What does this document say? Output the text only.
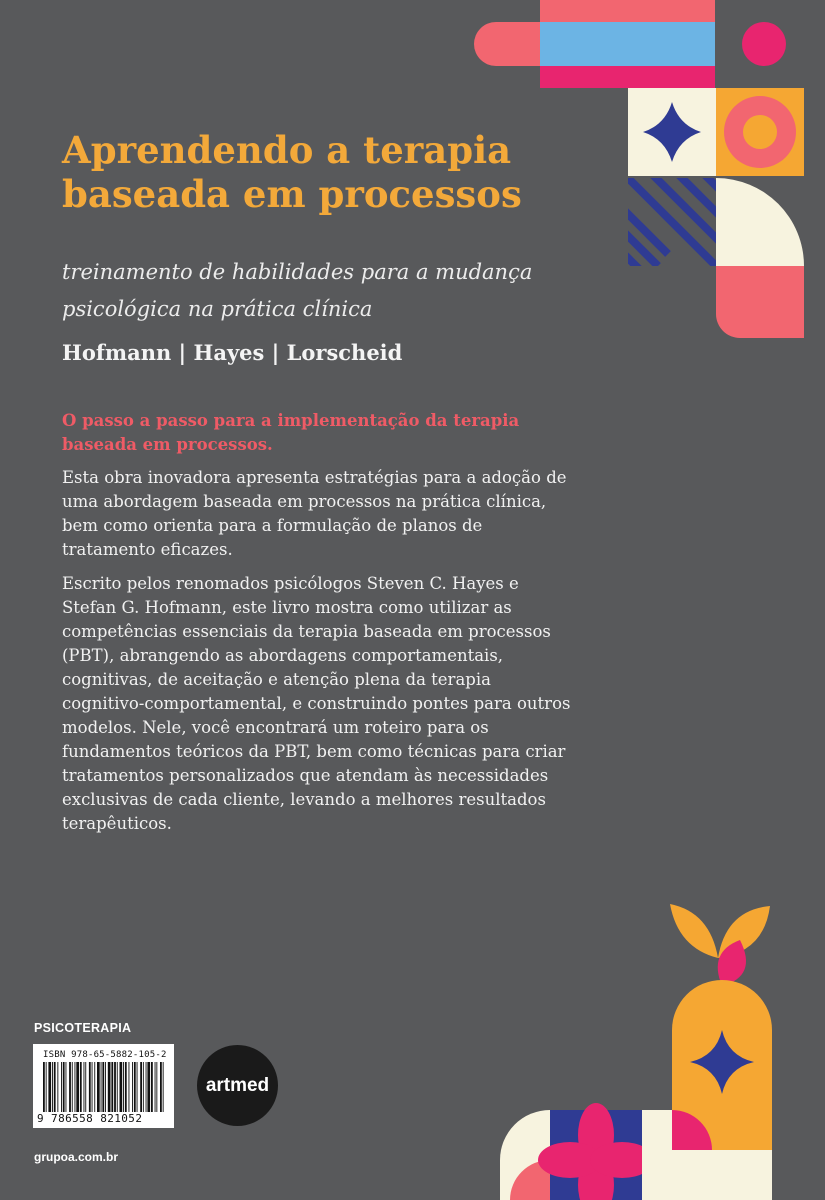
Aprendendo a terapia baseada em processos

treinamento de habilidades para a mudança psicológica na prática clínica

Hofmann | Hayes | Lorscheid

O passo a passo para a implementação da terapia baseada em processos.

Esta obra inovadora apresenta estratégias para a adoção de uma abordagem baseada em processos na prática clínica, bem como orienta para a formulação de planos de tratamento eficazes.

Escrito pelos renomados psicólogos Steven C. Hayes e Stefan G. Hofmann, este livro mostra como utilizar as competências essenciais da terapia baseada em processos (PBT), abrangendo as abordagens comportamentais, cognitivas, de aceitação e atenção plena da terapia cognitivo-comportamental, e construindo pontes para outros modelos. Nele, você encontrará um roteiro para os fundamentos teóricos da PBT, bem como técnicas para criar tratamentos personalizados que atendam às necessidades exclusivas de cada cliente, levando a melhores resultados terapêuticos.

PSICOTERAPIA
ISBN 978-65-5882-105-2
9 786558 821052
artmed
grupoa.com.br
